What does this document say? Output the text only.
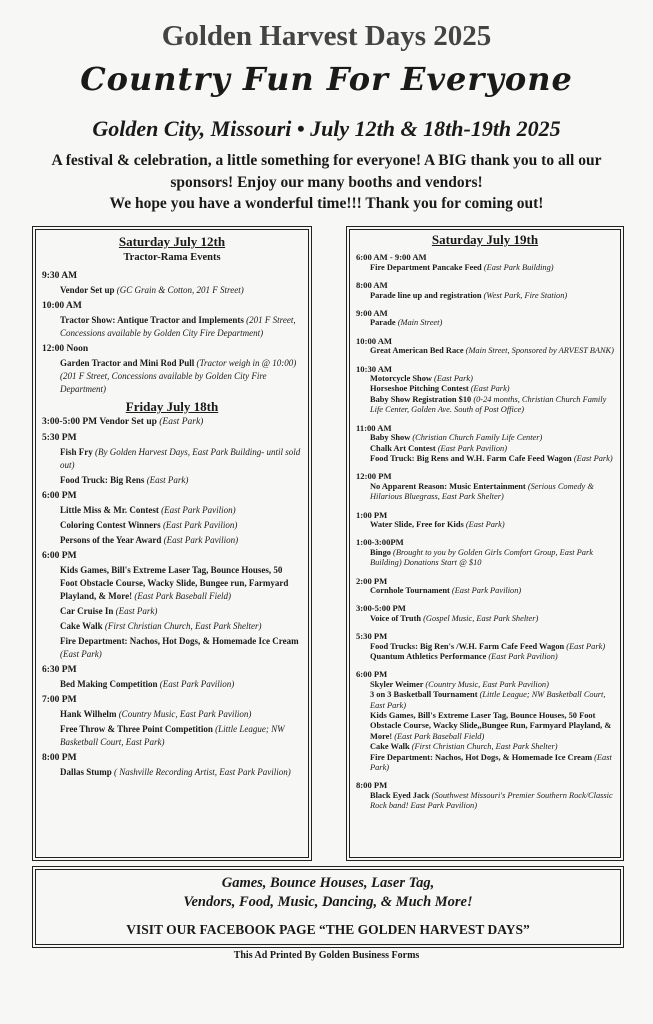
Golden Harvest Days 2025
Country Fun For Everyone
Golden City, Missouri • July 12th & 18th-19th 2025

A festival & celebration, a little something for everyone! A BIG thank you to all our

sponsors! Enjoy our many booths and vendors!

We hope you have a wonderful time!!! Thank you for coming out!

Saturday July 12th
Tractor-Rama Events
9:30 AM
Vendor Set up (GC Grain & Cotton, 201 F Street)
10:00 AM
Tractor Show: Antique Tractor and Implements (201 F Street, Concessions available by Golden City Fire Department)
12:00 Noon
Garden Tractor and Mini Rod Pull (Tractor weigh in @ 10:00) (201 F Street, Concessions available by Golden City Fire Department)
Friday July 18th
3:00-5:00 PM Vendor Set up (East Park)
5:30 PM
Fish Fry (By Golden Harvest Days, East Park Building- until sold out)
Food Truck: Big Rens (East Park)
6:00 PM
Little Miss & Mr. Contest (East Park Pavilion)
Coloring Contest Winners (East Park Pavilion)
Persons of the Year Award (East Park Pavilion)
6:00 PM
Kids Games, Bill's Extreme Laser Tag, Bounce Houses, 50 Foot Obstacle Course, Wacky Slide, Bungee run, Farmyard Playland, & More! (East Park Baseball Field)
Car Cruise In (East Park)
Cake Walk (First Christian Church, East Park Shelter)
Fire Department: Nachos, Hot Dogs, & Homemade Ice Cream (East Park)
6:30 PM
Bed Making Competition (East Park Pavilion)
7:00 PM
Hank Wilhelm (Country Music, East Park Pavilion)
Free Throw & Three Point Competition (Little League; NW Basketball Court, East Park)
8:00 PM
Dallas Stump ( Nashville Recording Artist, East Park Pavilion)
Saturday July 19th
6:00 AM - 9:00 AM
Fire Department Pancake Feed (East Park Building)
8:00 AM
Parade line up and registration (West Park, Fire Station)
9:00 AM
Parade (Main Street)
10:00 AM
Great American Bed Race (Main Street, Sponsored by ARVEST BANK)
10:30 AM
Motorcycle Show (East Park)
Horseshoe Pitching Contest (East Park)
Baby Show Registration $10 (0-24 months, Christian Church Family Life Center, Golden Ave. South of Post Office)
11:00 AM
Baby Show (Christian Church Family Life Center)
Chalk Art Contest (East Park Pavilion)
Food Truck: Big Rens and W.H. Farm Cafe Feed Wagon (East Park)
12:00 PM
No Apparent Reason: Music Entertainment (Serious Comedy & Hilarious Bluegrass, East Park Shelter)
1:00 PM
Water Slide, Free for Kids (East Park)
1:00-3:00PM
Bingo (Brought to you by Golden Girls Comfort Group, East Park Building) Donations Start @ $10
2:00 PM
Cornhole Tournament (East Park Pavilion)
3:00-5:00 PM
Voice of Truth (Gospel Music, East Park Shelter)
5:30 PM
Food Trucks: Big Ren's /W.H. Farm Cafe Feed Wagon (East Park)
Quantum Athletics Performance (East Park Pavilion)
6:00 PM
Skyler Weimer (Country Music, East Park Pavilion)
3 on 3 Basketball Tournament (Little League; NW Basketball Court, East Park)
Kids Games, Bill's Extreme Laser Tag, Bounce Houses, 50 Foot Obstacle Course, Wacky Slide,,Bungee Run, Farmyard Playland, & More! (East Park Baseball Field)
Cake Walk (First Christian Church, East Park Shelter)
Fire Department: Nachos, Hot Dogs, & Homemade Ice Cream (East Park)
8:00 PM
Black Eyed Jack (Southwest Missouri's Premier Southern Rock/Classic Rock band! East Park Pavilion)
Games, Bounce Houses, Laser Tag,
Vendors, Food, Music, Dancing, & Much More!
VISIT OUR FACEBOOK PAGE “THE GOLDEN HARVEST DAYS”
This Ad Printed By Golden Business Forms
